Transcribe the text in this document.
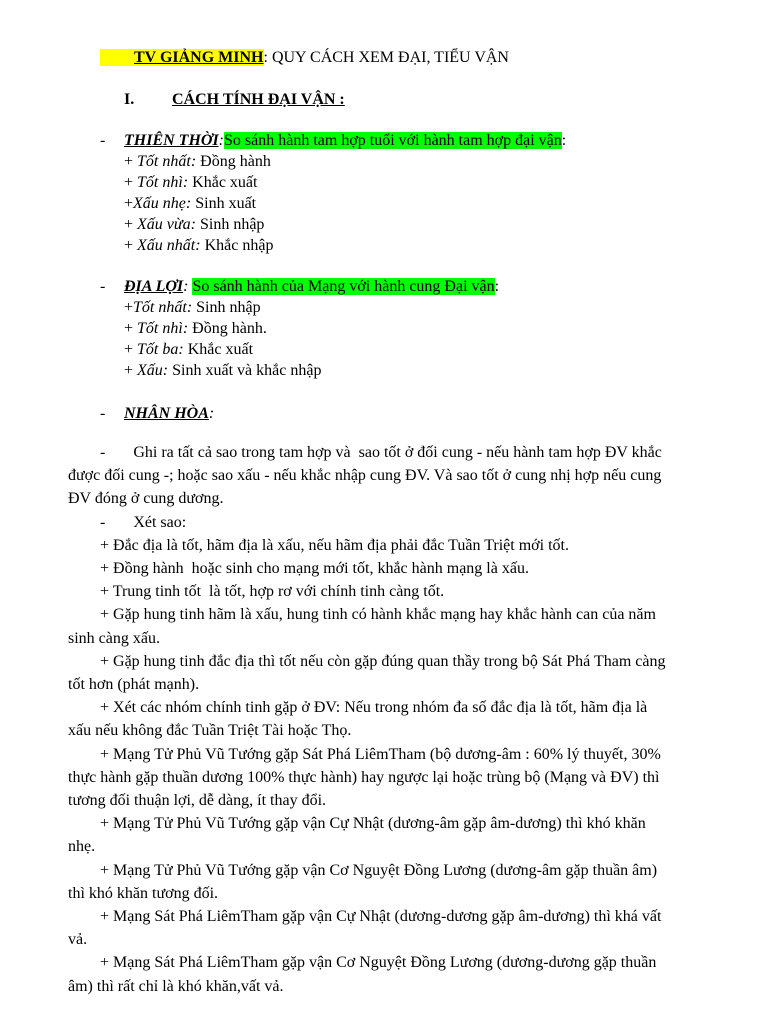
TV GIẢNG MINH: QUY CÁCH XEM ĐẠI, TIỂU VẬN
I. CÁCH TÍNH ĐẠI VẬN :
- THIÊN THỜI:So sánh hành tam hợp tuổi với hành tam hợp đại vận:
+ Tốt nhất: Đồng hành
+ Tốt nhì: Khắc xuất
+Xấu nhẹ: Sinh xuất
+ Xấu vừa: Sinh nhập
+ Xấu nhất: Khắc nhập
- ĐỊA LỢI: So sánh hành của Mạng với hành cung Đại vận:
+Tốt nhất: Sinh nhập
+ Tốt nhì: Đồng hành.
+ Tốt ba: Khắc xuất
+ Xấu: Sinh xuất và khắc nhập
- NHÂN HÒA:
-       Ghi ra tất cả sao trong tam hợp và  sao tốt ở đối cung - nếu hành tam hợp ĐV khắc
được đối cung -; hoặc sao xấu - nếu khắc nhập cung ĐV. Và sao tốt ở cung nhị hợp nếu cung
ĐV đóng ở cung dương.
-       Xét sao:
+ Đắc địa là tốt, hãm địa là xấu, nếu hãm địa phải đắc Tuần Triệt mới tốt.
+ Đồng hành  hoặc sinh cho mạng mới tốt, khắc hành mạng là xấu.
+ Trung tinh tốt  là tốt, hợp rơ với chính tinh càng tốt.
+ Gặp hung tinh hãm là xấu, hung tinh có hành khắc mạng hay khắc hành can của năm
sinh càng xấu.
+ Gặp hung tinh đắc địa thì tốt nếu còn gặp đúng quan thầy trong bộ Sát Phá Tham càng
tốt hơn (phát mạnh).
+ Xét các nhóm chính tinh gặp ở ĐV: Nếu trong nhóm đa số đắc địa là tốt, hãm địa là
xấu nếu không đắc Tuần Triệt Tài hoặc Thọ.
+ Mạng Tử Phủ Vũ Tướng gặp Sát Phá LiêmTham (bộ dương-âm : 60% lý thuyết, 30%
thực hành gặp thuần dương 100% thực hành) hay ngược lại hoặc trùng bộ (Mạng và ĐV) thì
tương đối thuận lợi, dễ dàng, ít thay đổi.
+ Mạng Tử Phủ Vũ Tướng gặp vận Cự Nhật (dương-âm gặp âm-dương) thì khó khăn
nhẹ.
+ Mạng Tử Phủ Vũ Tướng gặp vận Cơ Nguyệt Đồng Lương (dương-âm gặp thuần âm)
thì khó khăn tương đối.
+ Mạng Sát Phá LiêmTham gặp vận Cự Nhật (dương-dương gặp âm-dương) thì khá vất
vả.
+ Mạng Sát Phá LiêmTham gặp vận Cơ Nguyệt Đồng Lương (dương-dương gặp thuần
âm) thì rất chỉ là khó khăn,vất vả.
